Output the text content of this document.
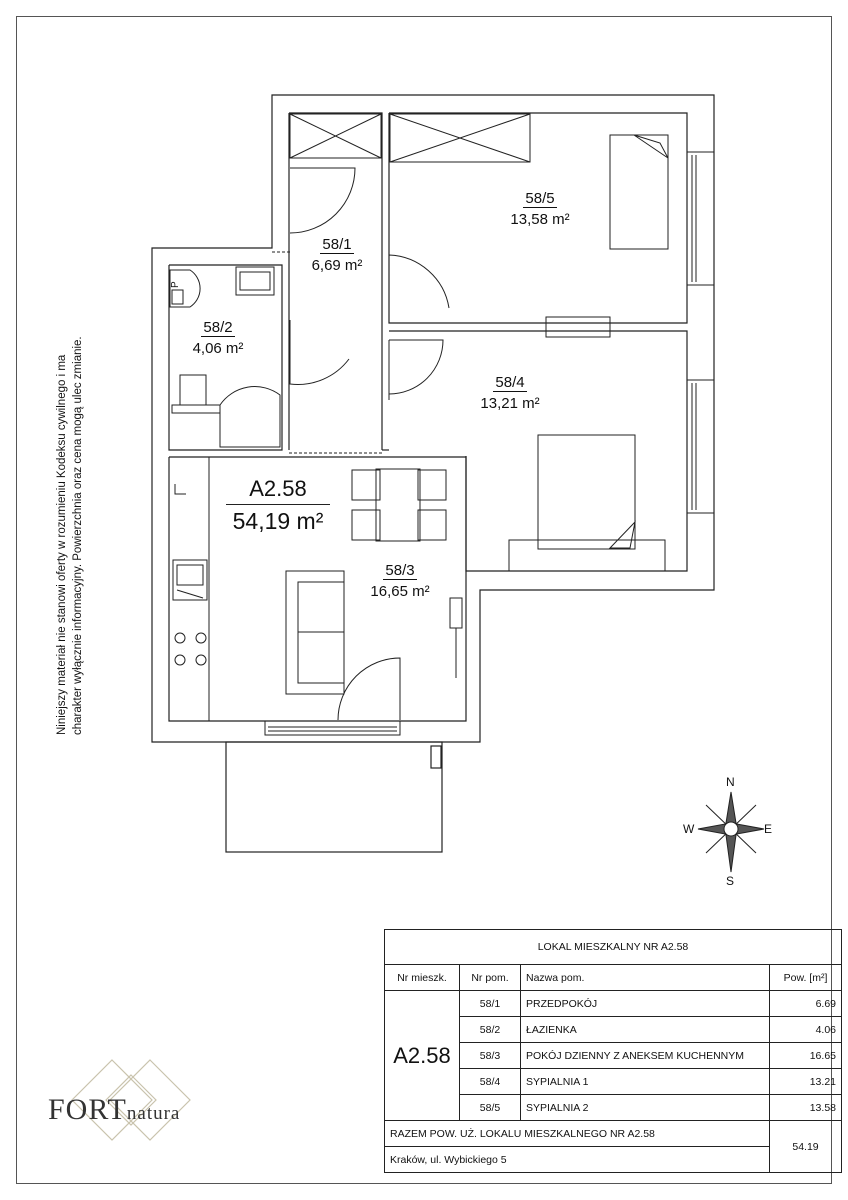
58/1
6,69 m²
58/2
4,06 m²
58/3
16,65 m²
58/4
13,21 m²
58/5
13,58 m²
A2.58
54,19 m²
P
Niniejszy materiał nie stanowi oferty w rozumieniu Kodeksu cywilnego i ma charakter wyłącznie informacyjny. Powierzchnia oraz cena mogą ulec zmianie.
N
S
E
W
FORTnatura
LOKAL MIESZKALNY NR A2.58			
Nr mieszk.	Nr pom.	Nazwa pom.	Pow. [m²]
A2.58	58/1	PRZEDPOKÓJ	6.69
	58/2	ŁAZIENKA	4.06
	58/3	POKÓJ DZIENNY Z ANEKSEM KUCHENNYM	16.65
	58/4	SYPIALNIA 1	13.21
	58/5	SYPIALNIA 2	13.58
RAZEM POW. UŻ. LOKALU MIESZKALNEGO NR A2.58			54.19
Kraków, ul. Wybickiego 5			
